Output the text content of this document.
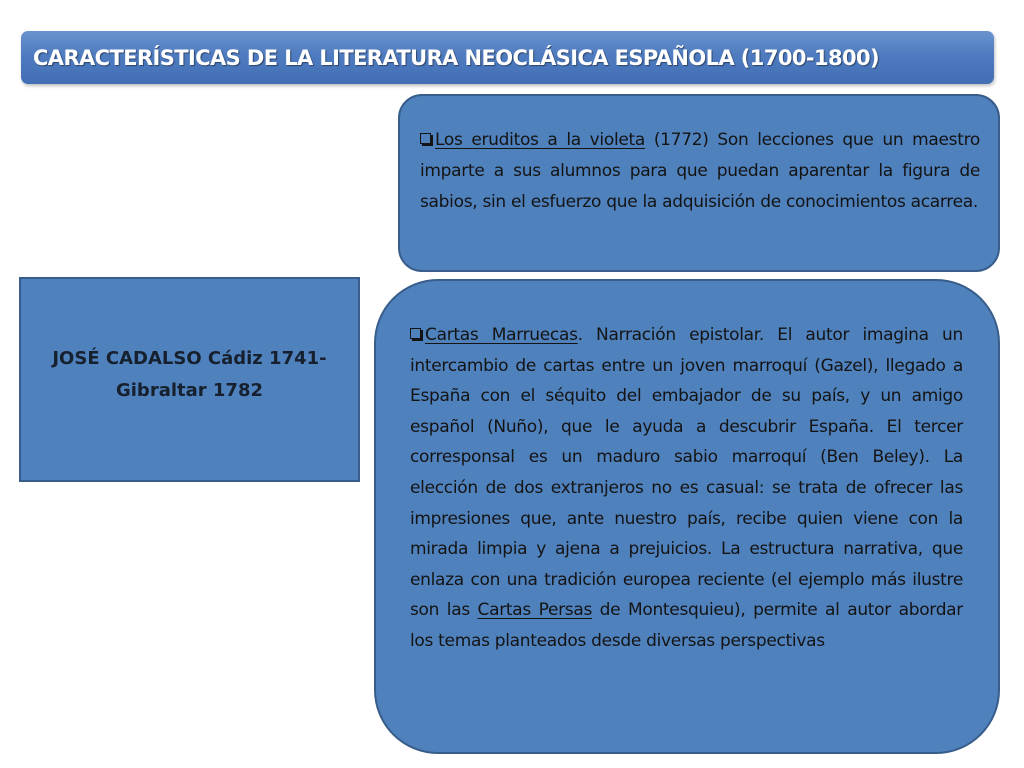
CARACTERÍSTICAS DE LA LITERATURA NEOCLÁSICA ESPAÑOLA (1700-1800)
JOSÉ CADALSO Cádiz 1741-
Gibraltar 1782
Los eruditos a la violeta (1772) Son lecciones que un maestro imparte a sus alumnos para que puedan aparentar la figura de sabios, sin el esfuerzo que la adquisición de conocimientos acarrea.
Cartas Marruecas. Narración epistolar. El autor imagina un intercambio de cartas entre un joven marroquí (Gazel), llegado a España con el séquito del embajador de su país, y un amigo español (Nuño), que le ayuda a descubrir España. El tercer corresponsal es un maduro sabio marroquí (Ben Beley). La elección de dos extranjeros no es casual: se trata de ofrecer las impresiones que, ante nuestro país, recibe quien viene con la mirada limpia y ajena a prejuicios. La estructura narrativa, que enlaza con una tradición europea reciente (el ejemplo más ilustre son las Cartas Persas de Montesquieu), permite al autor abordar los temas planteados desde diversas perspectivas
